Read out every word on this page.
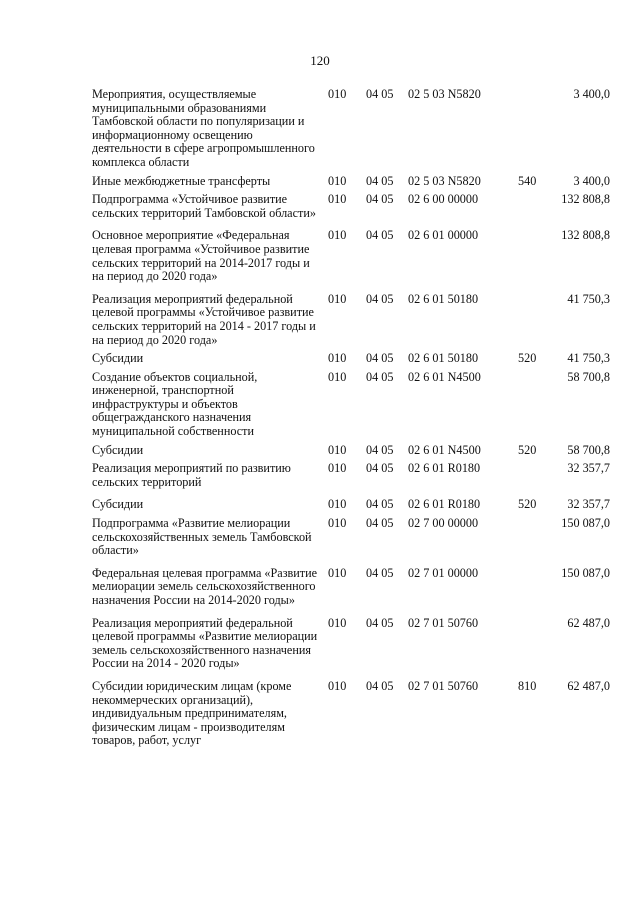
120
Мероприятия, осуществляемые муниципальными образованиями Тамбовской области по популяризации и информационному освещению деятельности в сфере агропромышленного комплекса области	010	04 05	02 5 03 N5820		3 400,0
Иные межбюджетные трансферты	010	04 05	02 5 03 N5820	540	3 400,0
Подпрограмма «Устойчивое развитие сельских территорий Тамбовской области»	010	04 05	02 6 00 00000		132 808,8
Основное мероприятие «Федеральная целевая программа «Устойчивое развитие сельских территорий на 2014-2017 годы и на период до 2020 года»	010	04 05	02 6 01 00000		132 808,8
Реализация мероприятий федеральной целевой программы «Устойчивое развитие сельских территорий на 2014 - 2017 годы и на период до 2020 года»	010	04 05	02 6 01 50180		41 750,3
Субсидии	010	04 05	02 6 01 50180	520	41 750,3
Создание объектов социальной, инженерной, транспортной инфраструктуры и объектов общегражданского назначения муниципальной собственности	010	04 05	02 6 01 N4500		58 700,8
Субсидии	010	04 05	02 6 01 N4500	520	58 700,8
Реализация мероприятий по развитию сельских территорий	010	04 05	02 6 01 R0180		32 357,7
Субсидии	010	04 05	02 6 01 R0180	520	32 357,7
Подпрограмма «Развитие мелиорации сельскохозяйственных земель Тамбовской области»	010	04 05	02 7 00 00000		150 087,0
Федеральная целевая программа «Развитие мелиорации земель сельскохозяйственного назначения России на 2014-2020 годы»	010	04 05	02 7 01 00000		150 087,0
Реализация мероприятий федеральной целевой программы «Развитие мелиорации земель сельскохозяйственного назначения России на 2014 - 2020 годы»	010	04 05	02 7 01 50760		62 487,0
Субсидии юридическим лицам (кроме некоммерческих организаций), индивидуальным предпринимателям, физическим лицам - производителям товаров, работ, услуг	010	04 05	02 7 01 50760	810	62 487,0
